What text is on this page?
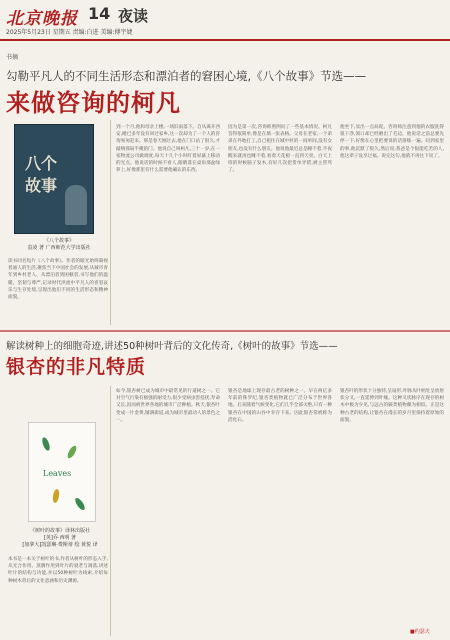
北京晚报 14 夜读
2025年5月23日 星期五 责编:白进 美编:傅宇婕
书摘
勾勒平凡人的不同生活形态和漂泊者的窘困心境,《八个故事》节选——
来做咨询的柯凡
八个
故事
《八个故事》
袁凌 著 广西师范大学出版社
读书同名短片《八个故事》。作者的眼光始终凝视普通人的生活,聚焦当下中国社会的发展,从城市青年到乡村老人、从漂泊者到困顿者,书写他们的温暖、坚韧与尊严,记录时代洪流中平凡人的喜怒哀乐与生存处境,呈现出他们不同的生活形态和精神面貌。
到一个月,他和母亲上楼,一场旧雨落下。自从离开西安,她已多年没有回过家乡,这一次却为了一个人的咨询匆匆赶来。那是春天刚过去,他在门口站了很久,才敲响那扇半掩的门。他说自己叫柯凡,三十一岁,在一家物流公司做调度,每天十几个小时盯着屏幕上移动的光点。他说话的时候不看人,眼睛落在桌角那盆绿萝上,好像那里有什么需要他确认的东西。
因为是第一次,咨询师照例问了一些基本情况。柯凡答得很简单,像是在填一张表格。父母在老家,一个弟弟在外地打工,自己租住在城中村的一间单间,没有女朋友,也没有什么朋友。他说他最近总是睡不着,半夜醒来就再也睡不着,看着天花板一直到天亮。白天上班的时候脑子发木,有好几次把货单弄错,被主管骂了。
他坐下,显出一点局促。咨询师注意到他的衣服洗得很干净,领口却已经磨出了毛边。他说话之前总要先停一下,好像在心里把要说的话排练一遍。问到家里的事,他沉默了很久,然后说,我爸是个很能吃苦的人,他这辈子没享过福。说完这句,他就不再往下说了。
解读树种上的细胞奇迹,讲述50种树叶背后的文化传奇,《树叶的故事》节选——
银杏的非凡特质
Leaves
《树叶的故事》译林出版社
[英]乔·西明 著
[加拿大]凯瑟琳·费斯蒂 绘 黄悦 译
本书是一本关于树叶的书,作者从树叶的形态入手,从光合作用、蒸腾作用到叶片的衰老与凋落,讲述叶片的结构与功能,并以50种树叶为线索,介绍每种树木背后的文化意涵和历史渊源。
如今,银杏树已成为城市中最常见的行道树之一。它对空气污染有极强的耐受力,很少受病虫害侵扰,寿命又长,因而被世界各地的城市广泛种植。秋天,银杏叶变成一片金黄,铺满街道,成为城市里最动人的景色之一。
银杏是地球上现存最古老的树种之一。早在两亿多年前的侏罗纪,银杏类植物就已广泛分布于世界各地。后来随着气候变化,它们几乎全部灭绝,只有一种银杏在中国的山谷中幸存下来。因此银杏常被称为活化石。
银杏叶的形状十分独特,呈扇形,叶脉从叶柄处呈放射状分叉,一直延伸到叶缘。这种叉状脉序在现存的树木中极为少见,与远古的蕨类植物颇为相似。正是这种古老的结构,让银杏在漫长的岁月里保持着原始的面貌。
■约瑟夫
